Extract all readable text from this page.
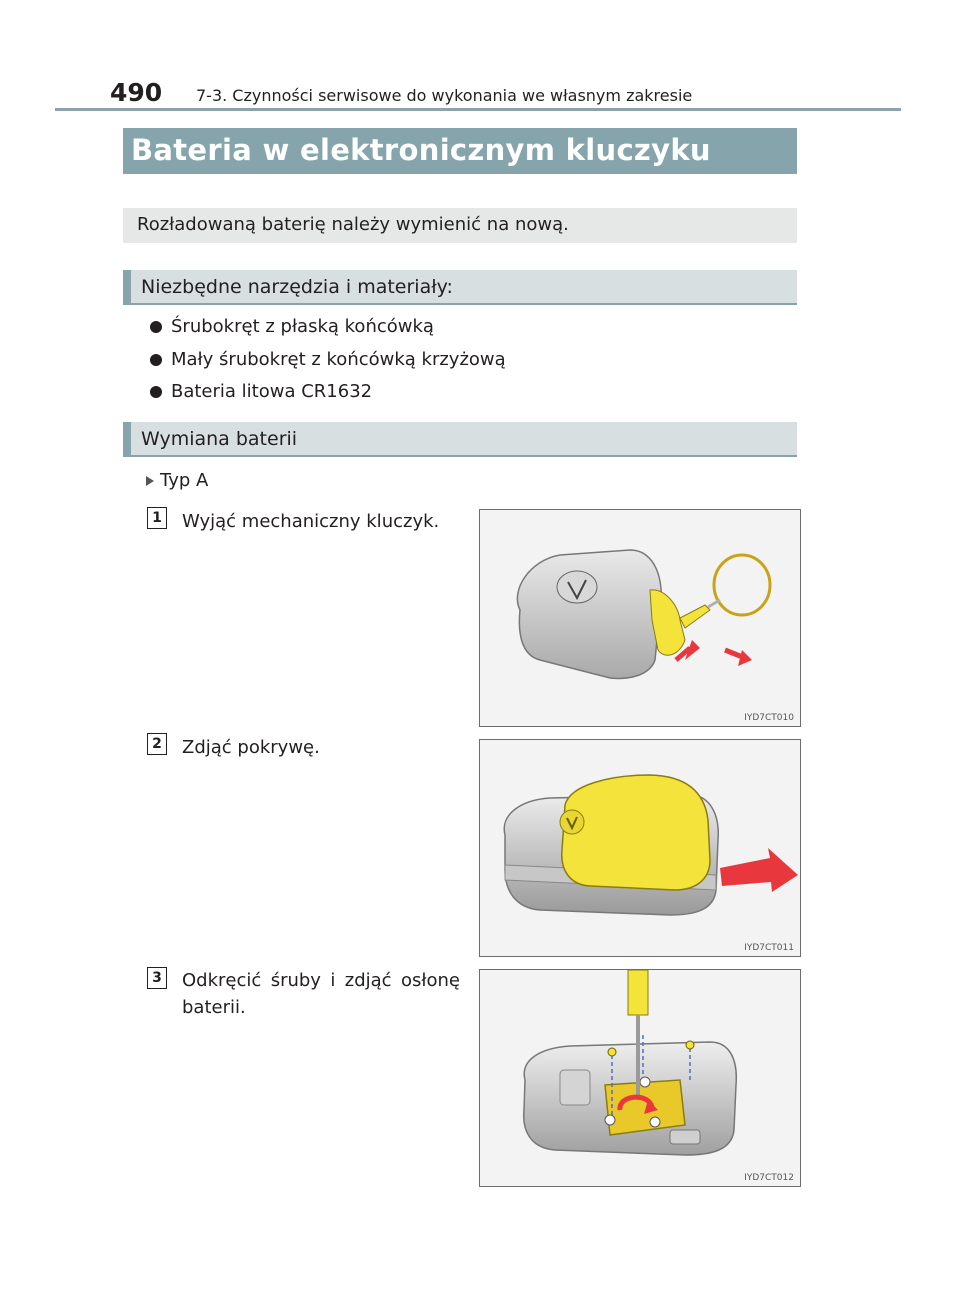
490	7-3. Czynności serwisowe do wykonania we własnym zakresie
Bateria w elektronicznym kluczyku
Rozładowaną baterię należy wymienić na nową.
Niezbędne narzędzia i materiały:
Śrubokręt z płaską końcówką
Mały śrubokręt z końcówką krzyżową
Bateria litowa CR1632
Wymiana baterii
Typ A
1 Wyjąć mechaniczny kluczyk.
IYD7CT010
2 Zdjąć pokrywę.
IYD7CT011
3 Odkręcić śruby i zdjąć osłonę baterii.
IYD7CT012
